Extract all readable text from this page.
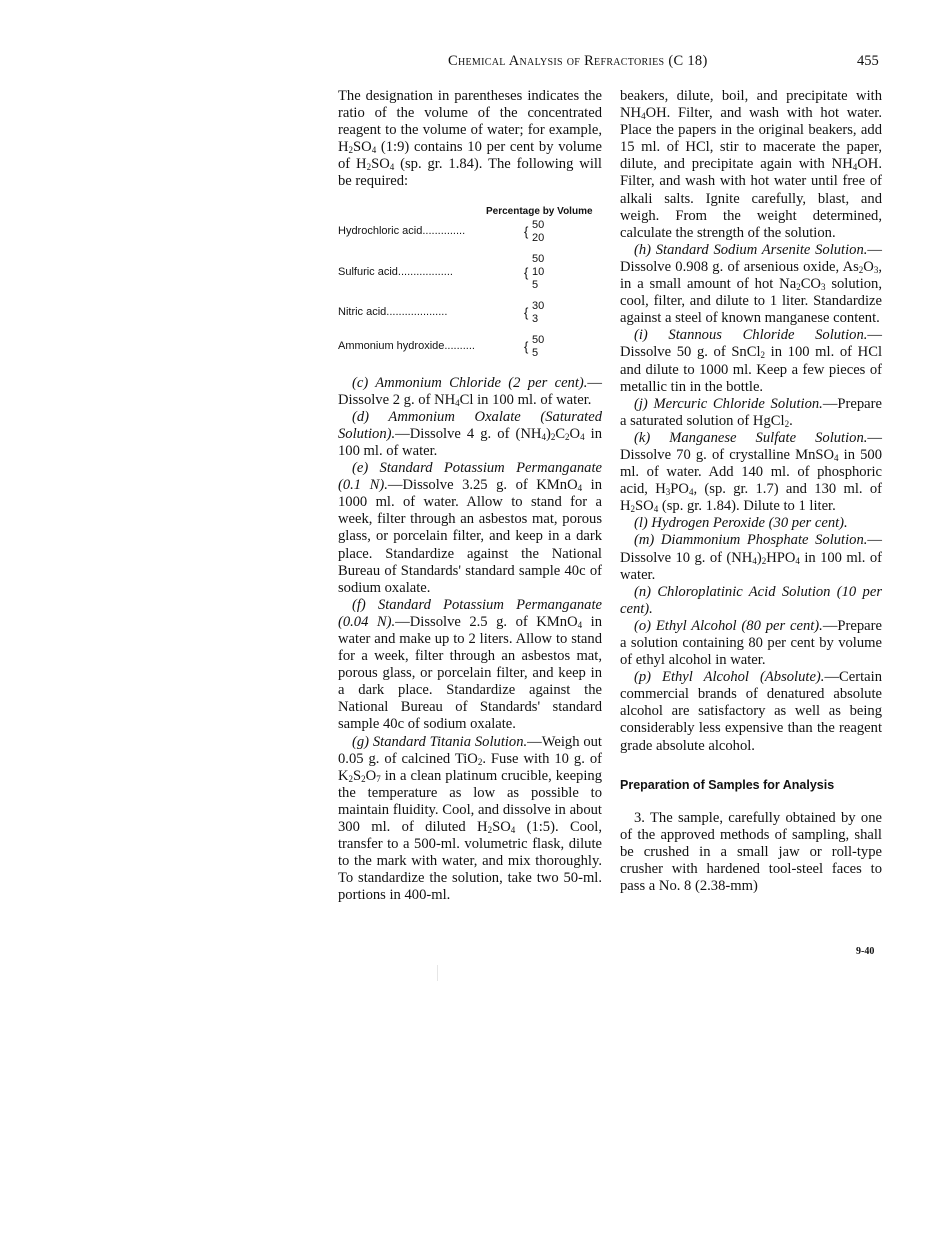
Chemical Analysis of Refractories (C 18)	455

The designation in parentheses indicates the ratio of the volume of the concentrated reagent to the volume of water; for example, $H_2SO_4$ (1:9) contains 10 per cent by volume of $H_2SO_4$ (sp. gr. 1.84). The following will be required:

Percentage by Volume
Hydrochloric acid..............	{ 50
20
Sulfuric acid..................	{
50
10
5
Nitric acid....................	{ 30
3
Ammonium hydroxide..........	{ 50
5

(c) Ammonium Chloride (2 per cent).—Dissolve 2 g. of $NH_4Cl$ in 100 ml. of water.

(d) Ammonium Oxalate (Saturated Solution).—Dissolve 4 g. of $(NH_4)_2C_2O_4$ in 100 ml. of water.

(e) Standard Potassium Permanganate (0.1 N).—Dissolve 3.25 g. of KMnO$_4$ in 1000 ml. of water. Allow to stand for a week, filter through an asbestos mat, porous glass, or porcelain filter, and keep in a dark place. Standardize against the National Bureau of Standards' standard sample 40c of sodium oxalate.

(f) Standard Potassium Permanganate (0.04 N).—Dissolve 2.5 g. of KMnO$_4$ in water and make up to 2 liters. Allow to stand for a week, filter through an asbestos mat, porous glass, or porcelain filter, and keep in a dark place. Standardize against the National Bureau of Standards' standard sample 40c of sodium oxalate.

(g) Standard Titania Solution.—Weigh out 0.05 g. of calcined TiO$_2$. Fuse with 10 g. of $K_2S_2O_7$ in a clean platinum crucible, keeping the temperature as low as possible to maintain fluidity. Cool, and dissolve in about 300 ml. of diluted $H_2SO_4$ (1:5). Cool, transfer to a 500-ml. volumetric flask, dilute to the mark with water, and mix thoroughly. To standardize the solution, take two 50-ml. portions in 400-ml.

beakers, dilute, boil, and precipitate with $NH_4OH$. Filter, and wash with hot water. Place the papers in the original beakers, add 15 ml. of HCl, stir to macerate the paper, dilute, and precipitate again with $NH_4OH$. Filter, and wash with hot water until free of alkali salts. Ignite carefully, blast, and weigh. From the weight determined, calculate the strength of the solution.

(h) Standard Sodium Arsenite Solution.—Dissolve 0.908 g. of arsenious oxide, $As_2O_3$, in a small amount of hot $Na_2CO_3$ solution, cool, filter, and dilute to 1 liter. Standardize against a steel of known manganese content.

(i) Stannous Chloride Solution.—Dissolve 50 g. of SnCl$_2$ in 100 ml. of HCl and dilute to 1000 ml. Keep a few pieces of metallic tin in the bottle.

(j) Mercuric Chloride Solution.—Prepare a saturated solution of HgCl$_2$.

(k) Manganese Sulfate Solution.—Dissolve 70 g. of crystalline MnSO$_4$ in 500 ml. of water. Add 140 ml. of phosphoric acid, $H_3PO_4$, (sp. gr. 1.7) and 130 ml. of $H_2SO_4$ (sp. gr. 1.84). Dilute to 1 liter.

(l) Hydrogen Peroxide (30 per cent).

(m) Diammonium Phosphate Solution.—Dissolve 10 g. of $(NH_4)_2HPO_4$ in 100 ml. of water.

(n) Chloroplatinic Acid Solution (10 per cent).

(o) Ethyl Alcohol (80 per cent).—Prepare a solution containing 80 per cent by volume of ethyl alcohol in water.

(p) Ethyl Alcohol (Absolute).—Certain commercial brands of denatured absolute alcohol are satisfactory as well as being considerably less expensive than the reagent grade absolute alcohol.

Preparation of Samples for Analysis

3. The sample, carefully obtained by one of the approved methods of sampling, shall be crushed in a small jaw or roll-type crusher with hardened tool-steel faces to pass a No. 8 (2.38-mm)

9-40
